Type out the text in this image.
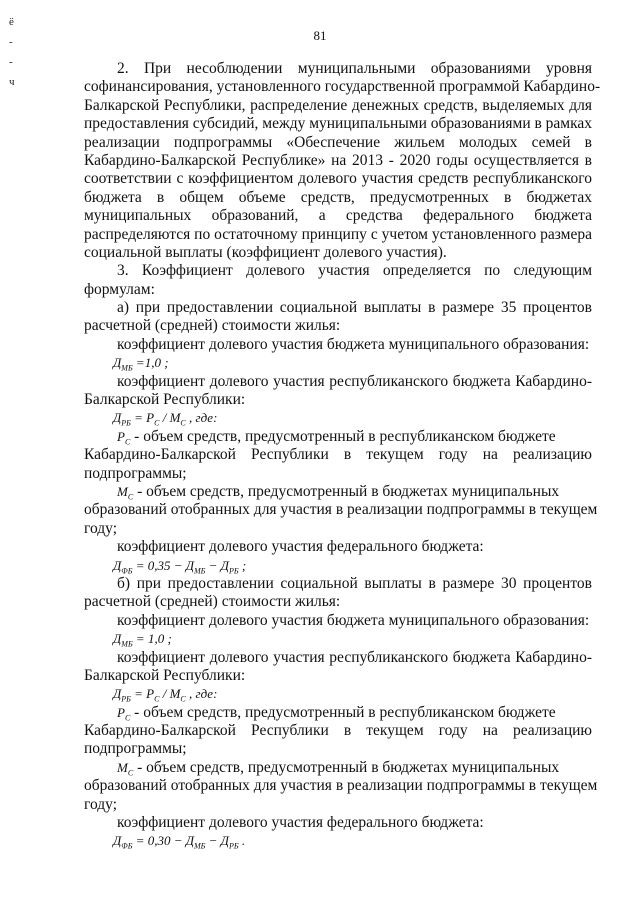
81
ё
-
-
ч
2. При несоблюдении муниципальными образованиями уровня
софинансирования, установленного государственной программой Кабардино-
Балкарской Республики, распределение денежных средств, выделяемых для
предоставления субсидий, между муниципальными образованиями в рамках
реализации подпрограммы «Обеспечение жильем молодых семей в
Кабардино-Балкарской Республике» на 2013 - 2020 годы осуществляется в
соответствии с коэффициентом долевого участия средств республиканского
бюджета в общем объеме средств, предусмотренных в бюджетах
муниципальных образований, а средства федерального бюджета
распределяются по остаточному принципу с учетом установленного размера
социальной выплаты (коэффициент долевого участия).
3. Коэффициент долевого участия определяется по следующим
формулам:
а) при предоставлении социальной выплаты в размере 35 процентов
расчетной (средней) стоимости жилья:
коэффициент долевого участия бюджета муниципального образования:
$Д_{МБ} =1,0$ ;
коэффициент долевого участия республиканского бюджета Кабардино-
Балкарской Республики:
$Д_{РБ} = Р_С / М_С$ , где:
$P_C$ - объем средств, предусмотренный в республиканском бюджете
Кабардино-Балкарской Республики в текущем году на реализацию
подпрограммы;
$M_C$ - объем средств, предусмотренный в бюджетах муниципальных
образований отобранных для участия в реализации подпрограммы в текущем
году;
коэффициент долевого участия федерального бюджета:
$Д_{ФБ} = 0,35 - Д_{МБ} - Д_{РБ}$ ;
б) при предоставлении социальной выплаты в размере 30 процентов
расчетной (средней) стоимости жилья:
коэффициент долевого участия бюджета муниципального образования:
$Д_{МБ} = 1,0$ ;
коэффициент долевого участия республиканского бюджета Кабардино-
Балкарской Республики:
$Д_{РБ} = Р_С / М_С$ , где:
$P_C$ - объем средств, предусмотренный в республиканском бюджете
Кабардино-Балкарской Республики в текущем году на реализацию
подпрограммы;
$M_C$ - объем средств, предусмотренный в бюджетах муниципальных
образований отобранных для участия в реализации подпрограммы в текущем
году;
коэффициент долевого участия федерального бюджета:
$Д_{ФБ} = 0,30 - Д_{МБ} - Д_{РБ}$ .
